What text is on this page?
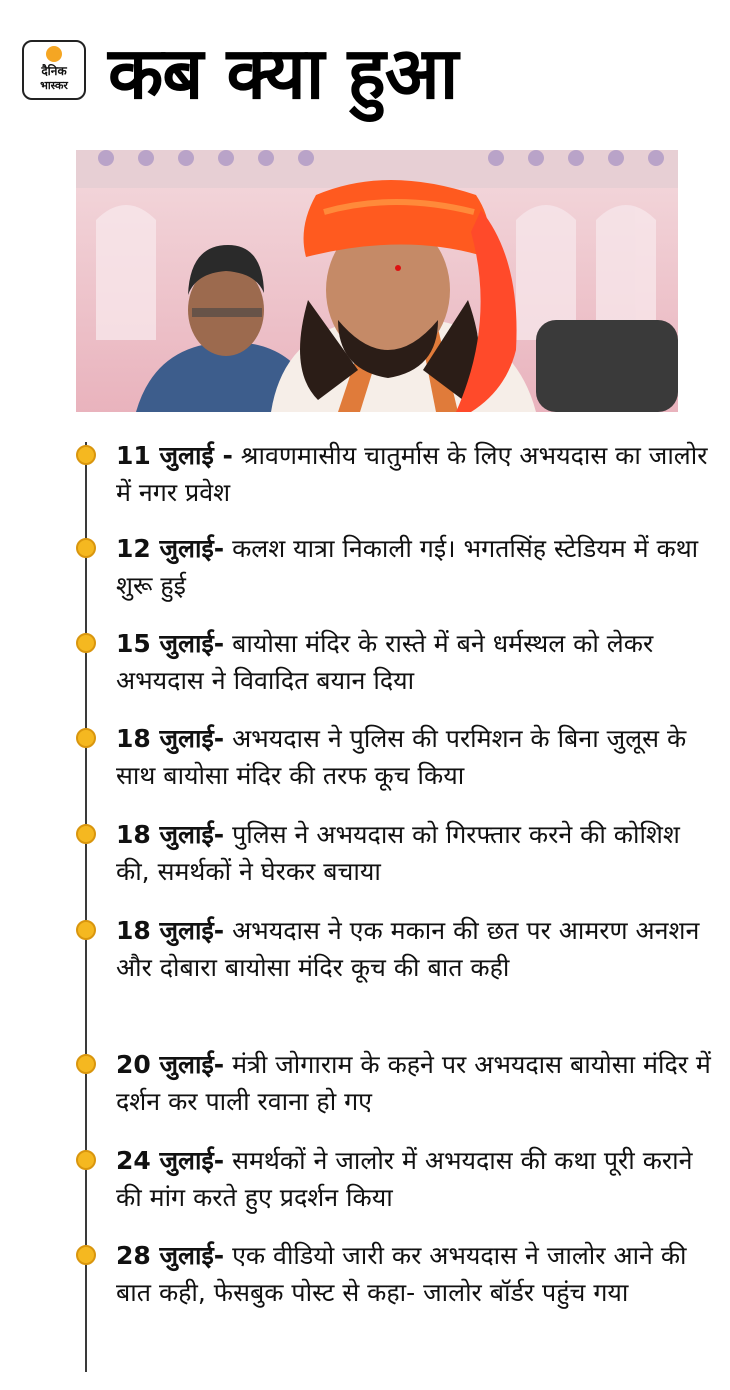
दैनिक
भास्कर कब क्या हुआ
11 जुलाई - श्रावणमासीय चातुर्मास के लिए अभयदास का जालोर में नगर प्रवेश
12 जुलाई- कलश यात्रा निकाली गई। भगतसिंह स्टेडियम में कथा शुरू हुई
15 जुलाई- बायोसा मंदिर के रास्ते में बने धर्मस्थल को लेकर अभयदास ने विवादित बयान दिया
18 जुलाई- अभयदास ने पुलिस की परमिशन के बिना जुलूस के साथ बायोसा मंदिर की तरफ कूच किया
18 जुलाई- पुलिस ने अभयदास को गिरफ्तार करने की कोशिश की, समर्थकों ने घेरकर बचाया
18 जुलाई- अभयदास ने एक मकान की छत पर आमरण अनशन और दोबारा बायोसा मंदिर कूच की बात कही
20 जुलाई- मंत्री जोगाराम के कहने पर अभयदास बायोसा मंदिर में दर्शन कर पाली रवाना हो गए
24 जुलाई- समर्थकों ने जालोर में अभयदास की कथा पूरी कराने की मांग करते हुए प्रदर्शन किया
28 जुलाई- एक वीडियो जारी कर अभयदास ने जालोर आने की बात कही, फेसबुक पोस्ट से कहा- जालोर बॉर्डर पहुंच गया
